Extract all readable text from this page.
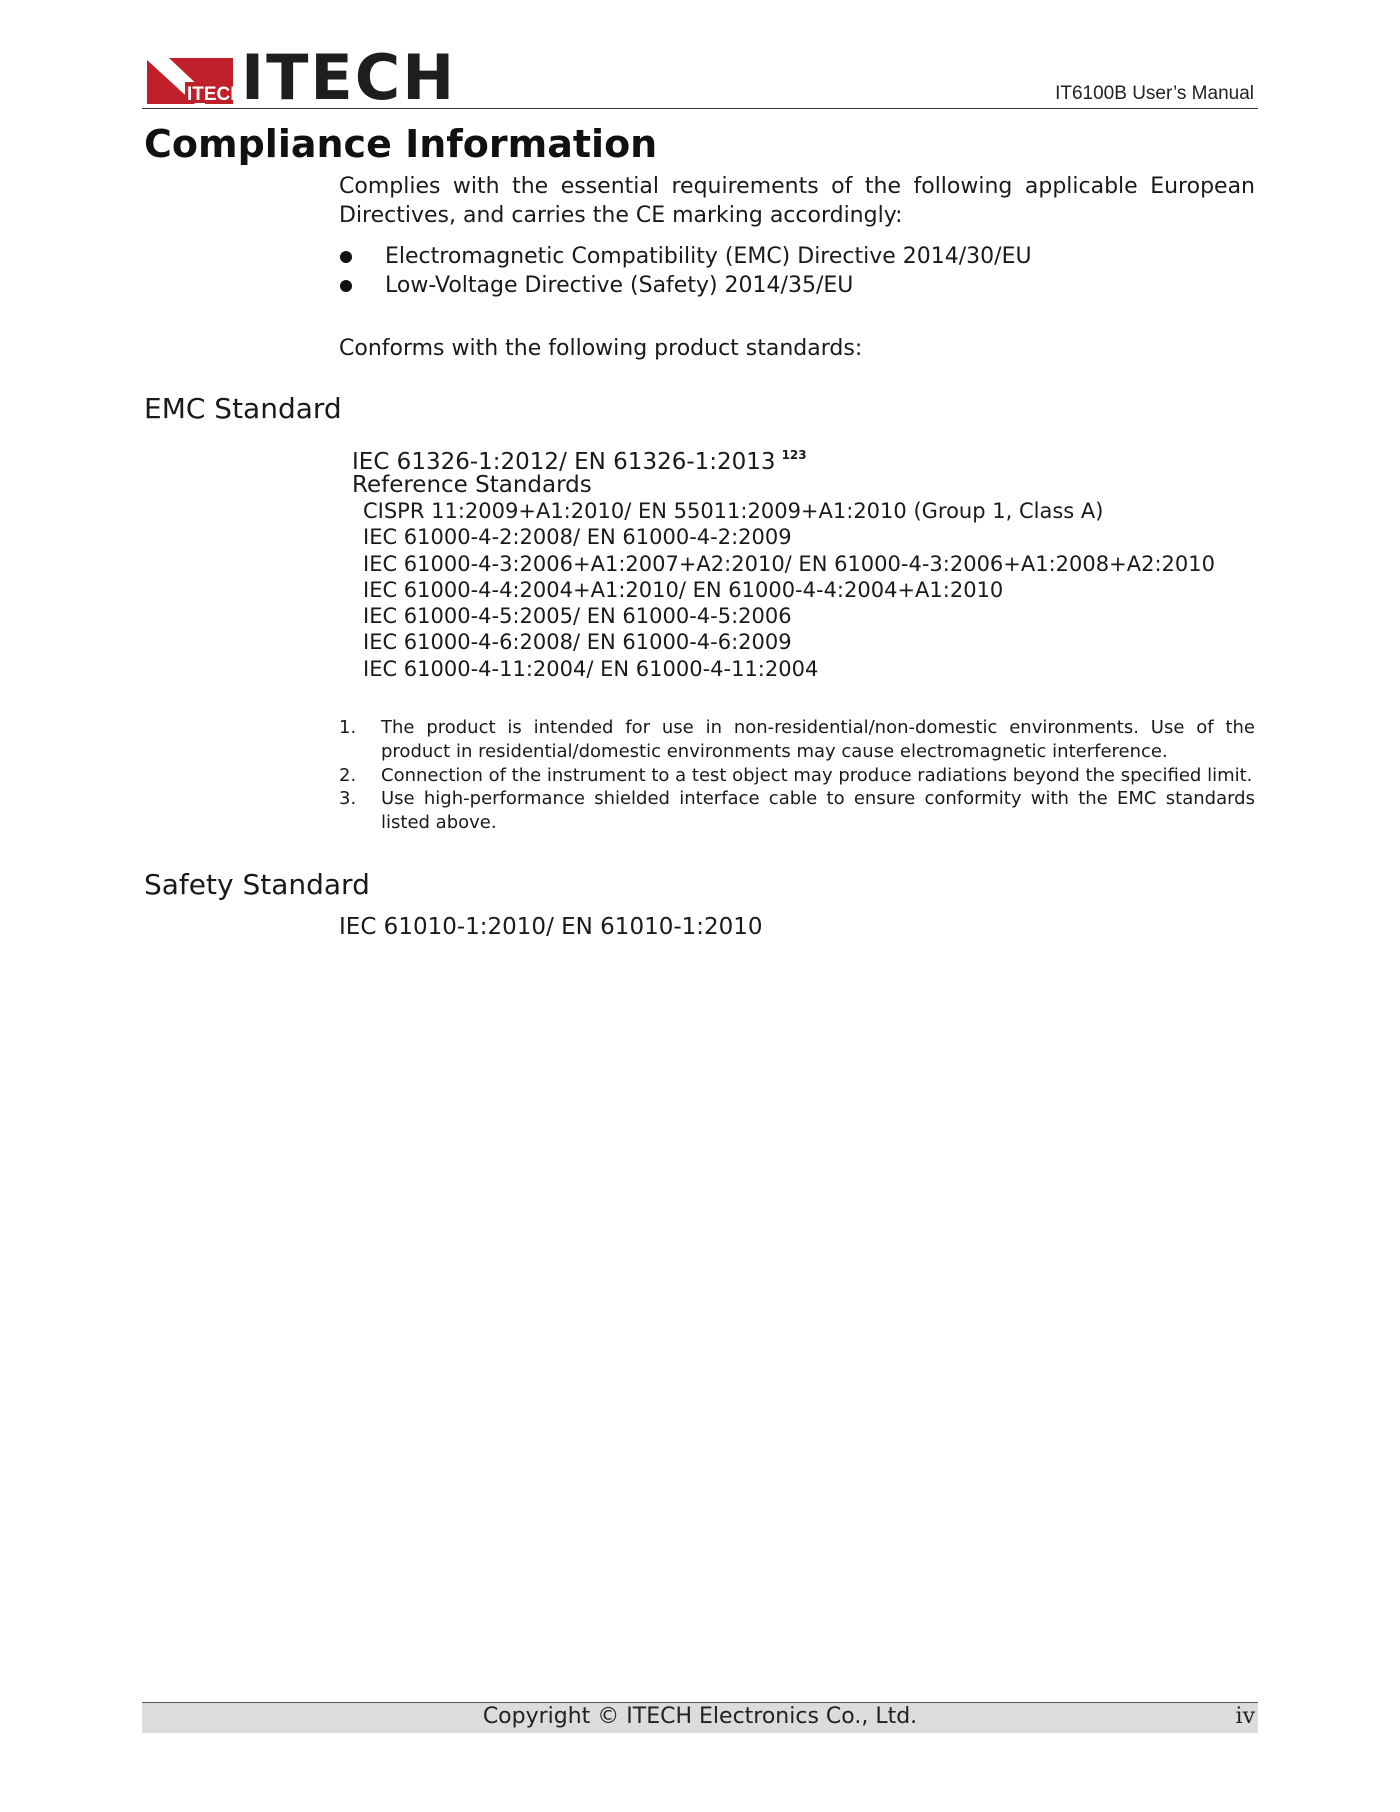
ITECH
ITECH	IT6100B User’s Manual
Compliance Information

Complies with the essential requirements of the following applicable European Directives, and carries the CE marking accordingly:

Electromagnetic Compatibility (EMC) Directive 2014/30/EU
Low-Voltage Directive (Safety) 2014/35/EU

Conforms with the following product standards:

EMC Standard
IEC 61326-1:2012/ EN 61326-1:2013 $^{123}$
Reference Standards
CISPR 11:2009+A1:2010/ EN 55011:2009+A1:2010 (Group 1, Class A)
IEC 61000-4-2:2008/ EN 61000-4-2:2009
IEC 61000-4-3:2006+A1:2007+A2:2010/ EN 61000-4-3:2006+A1:2008+A2:2010
IEC 61000-4-4:2004+A1:2010/ EN 61000-4-4:2004+A1:2010
IEC 61000-4-5:2005/ EN 61000-4-5:2006
IEC 61000-4-6:2008/ EN 61000-4-6:2009
IEC 61000-4-11:2004/ EN 61000-4-11:2004
1. The product is intended for use in non-residential/non-domestic environments. Use of the product in residential/domestic environments may cause electromagnetic interference.
2. Connection of the instrument to a test object may produce radiations beyond the specified limit.
3. Use high-performance shielded interface cable to ensure conformity with the EMC standards listed above.
Safety Standard
IEC 61010-1:2010/ EN 61010-1:2010
Copyright © ITECH Electronics Co., Ltd.	iv
